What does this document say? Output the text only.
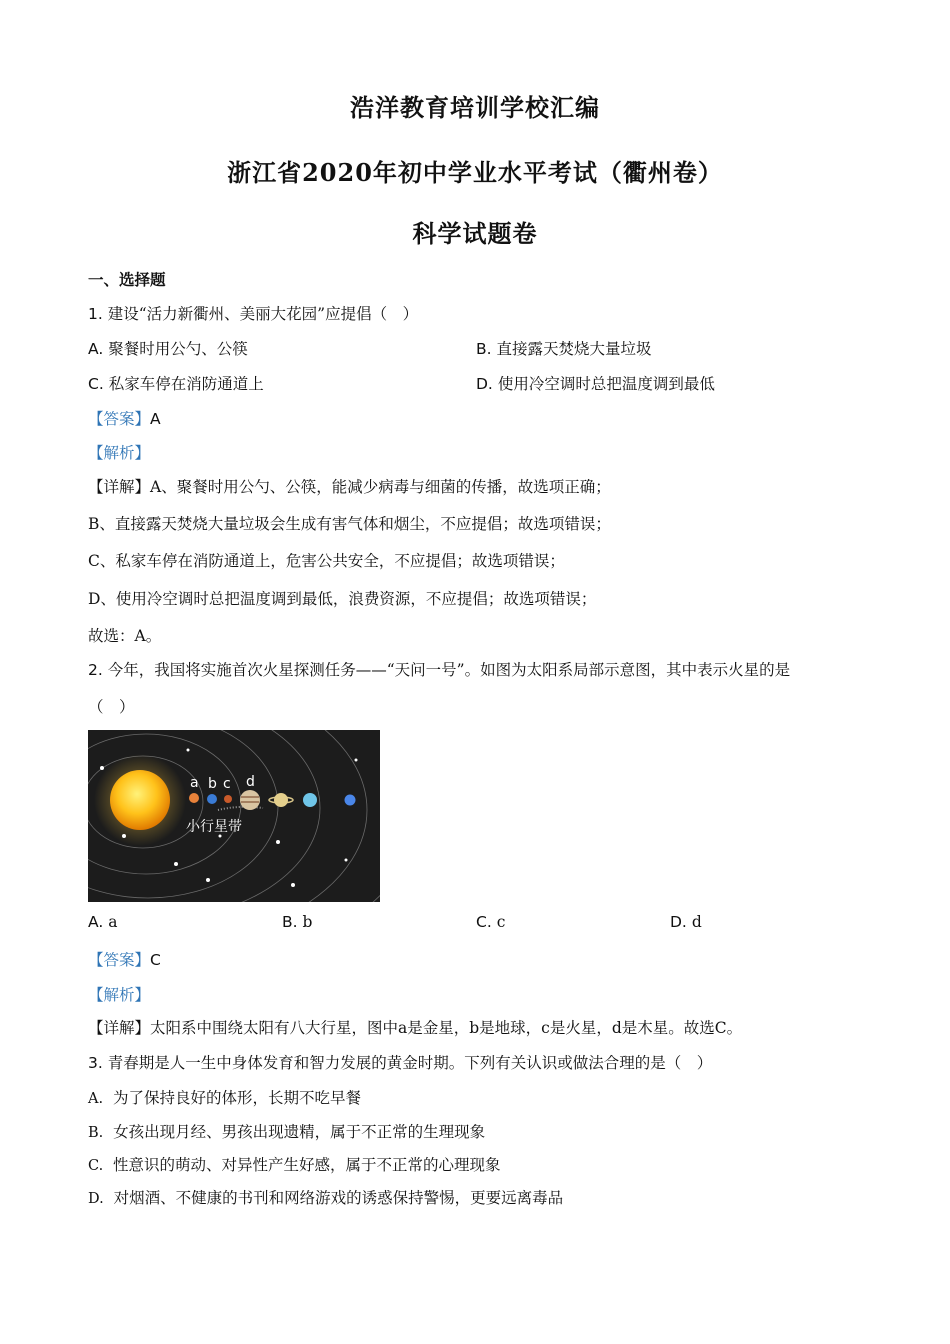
浩洋教育培训学校汇编
浙江省2020年初中学业水平考试（衢州卷）
科学试题卷
一、选择题
1. 建设“活力新衢州、美丽大花园”应提倡（　）
A. 聚餐时用公勺、公筷	B. 直接露天焚烧大量垃圾
C. 私家车停在消防通道上	D. 使用冷空调时总把温度调到最低
【答案】A
【解析】
【详解】A、聚餐时用公勺、公筷，能减少病毒与细菌的传播，故选项正确；
B、直接露天焚烧大量垃圾会生成有害气体和烟尘，不应提倡；故选项错误；
C、私家车停在消防通道上，危害公共安全，不应提倡；故选项错误；
D、使用冷空调时总把温度调到最低，浪费资源，不应提倡；故选项错误；
故选：A。
2. 今年，我国将实施首次火星探测任务——“天问一号”。如图为太阳系局部示意图，其中表示火星的是
（　）
a b c d
小行星带
A. a	B. b	C. c	D. d
【答案】C
【解析】
【详解】太阳系中围绕太阳有八大行星，图中a是金星，b是地球，c是火星，d是木星。故选C。
3. 青春期是人一生中身体发育和智力发展的黄金时期。下列有关认识或做法合理的是（　）
A. 为了保持良好的体形，长期不吃早餐
B. 女孩出现月经、男孩出现遗精，属于不正常的生理现象
C. 性意识的萌动、对异性产生好感，属于不正常的心理现象
D. 对烟酒、不健康的书刊和网络游戏的诱惑保持警惕，更要远离毒品
